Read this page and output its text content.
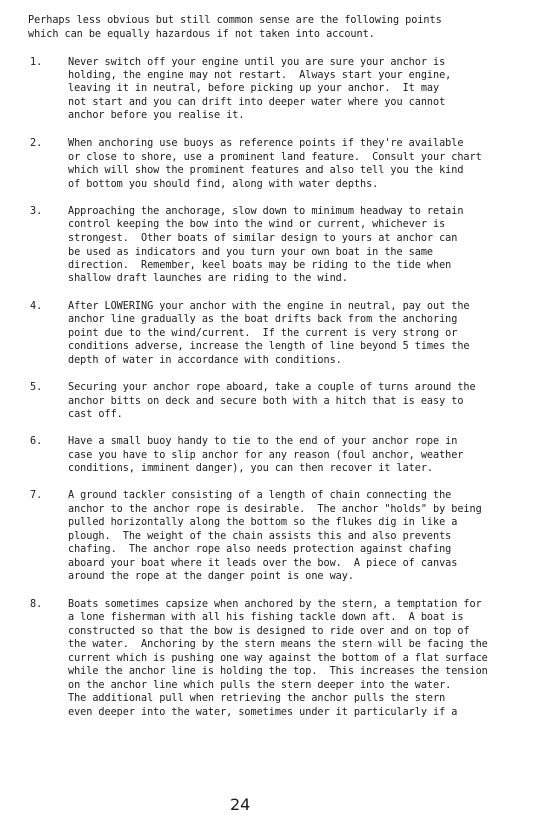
Perhaps less obvious but still common sense are the following points
which can be equally hazardous if not taken into account.
1.	Never switch off your engine until you are sure your anchor is
holding, the engine may not restart.  Always start your engine,
leaving it in neutral, before picking up your anchor.  It may
not start and you can drift into deeper water where you cannot
anchor before you realise it.
2.	When anchoring use buoys as reference points if they're available
or close to shore, use a prominent land feature.  Consult your chart
which will show the prominent features and also tell you the kind
of bottom you should find, along with water depths.
3.	Approaching the anchorage, slow down to minimum headway to retain
control keeping the bow into the wind or current, whichever is
strongest.  Other boats of similar design to yours at anchor can
be used as indicators and you turn your own boat in the same
direction.  Remember, keel boats may be riding to the tide when
shallow draft launches are riding to the wind.
4.	After LOWERING your anchor with the engine in neutral, pay out the
anchor line gradually as the boat drifts back from the anchoring
point due to the wind/current.  If the current is very strong or
conditions adverse, increase the length of line beyond 5 times the
depth of water in accordance with conditions.
5.	Securing your anchor rope aboard, take a couple of turns around the
anchor bitts on deck and secure both with a hitch that is easy to
cast off.
6.	Have a small buoy handy to tie to the end of your anchor rope in
case you have to slip anchor for any reason (foul anchor, weather
conditions, imminent danger), you can then recover it later.
7.	A ground tackler consisting of a length of chain connecting the
anchor to the anchor rope is desirable.  The anchor "holds" by being
pulled horizontally along the bottom so the flukes dig in like a
plough.  The weight of the chain assists this and also prevents
chafing.  The anchor rope also needs protection against chafing
aboard your boat where it leads over the bow.  A piece of canvas
around the rope at the danger point is one way.
8.	Boats sometimes capsize when anchored by the stern, a temptation for
a lone fisherman with all his fishing tackle down aft.  A boat is
constructed so that the bow is designed to ride over and on top of
the water.  Anchoring by the stern means the stern will be facing the
current which is pushing one way against the bottom of a flat surface
while the anchor line is holding the top.  This increases the tension
on the anchor line which pulls the stern deeper into the water.
The additional pull when retrieving the anchor pulls the stern
even deeper into the water, sometimes under it particularly if a
24
